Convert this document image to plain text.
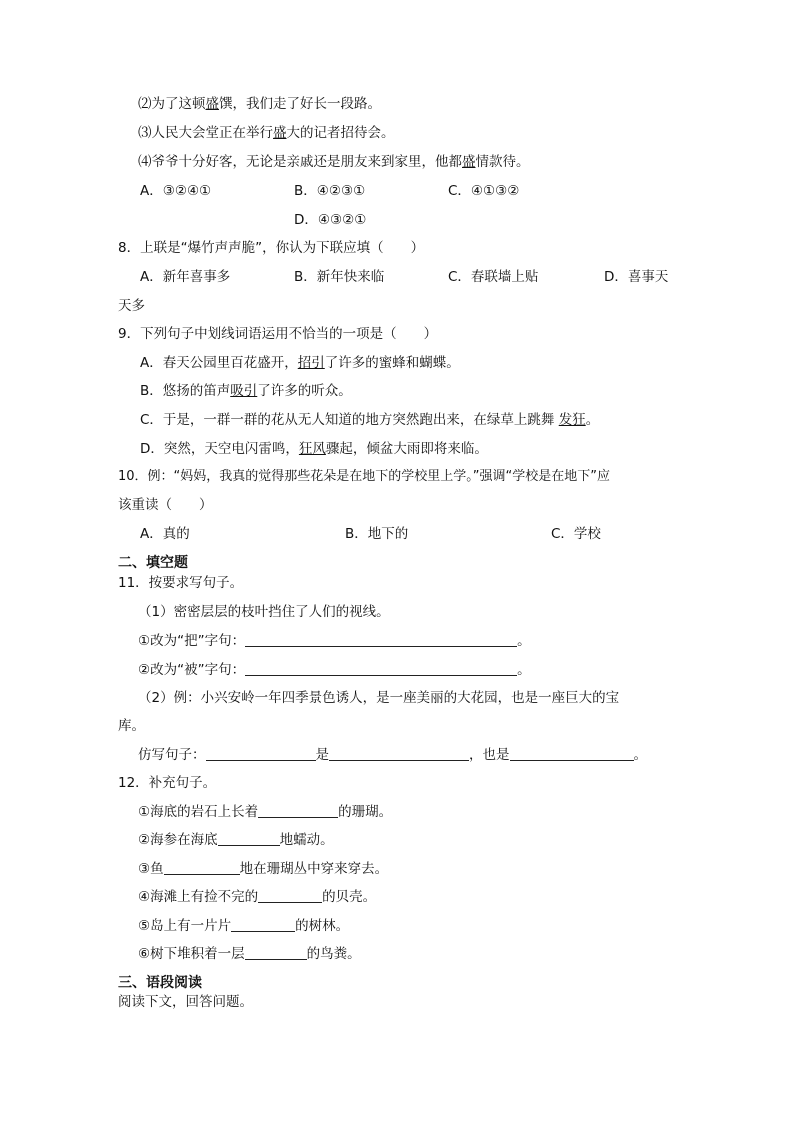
⑵为了这顿盛馔，我们走了好长一段路。
⑶人民大会堂正在举行盛大的记者招待会。
⑷爷爷十分好客，无论是亲戚还是朋友来到家里，他都盛情款待。
A．③②④①	B．④②③①	C．④①③②
D．④③②①
8．上联是“爆竹声声脆”，你认为下联应填（　　）
A．新年喜事多	B．新年快来临	C．春联墙上贴	D．喜事天
天多
9．下列句子中划线词语运用不恰当的一项是（　　）
A．春天公园里百花盛开，招引了许多的蜜蜂和蝴蝶。
B．悠扬的笛声吸引了许多的听众。
C．于是，一群一群的花从无人知道的地方突然跑出来，在绿草上跳舞 发狂。
D．突然，天空电闪雷鸣，狂风骤起，倾盆大雨即将来临。
10．例：“妈妈，我真的觉得那些花朵是在地下的学校里上学。”强调“学校是在地下”应
该重读（　　）
A．真的	B．地下的	C．学校
二、填空题
11．按要求写句子。
（1）密密层层的枝叶挡住了人们的视线。
①改为“把”字句：	。
②改为“被”字句：	。
（2）例：小兴安岭一年四季景色诱人，是一座美丽的大花园，也是一座巨大的宝
库。
仿写句子：	是	，也是	。
12．补充句子。
①海底的岩石上长着	的珊瑚。
②海参在海底	地蠕动。
③鱼	地在珊瑚丛中穿来穿去。
④海滩上有捡不完的	的贝壳。
⑤岛上有一片片	的树林。
⑥树下堆积着一层	的鸟粪。
三、语段阅读
阅读下文，回答问题。
